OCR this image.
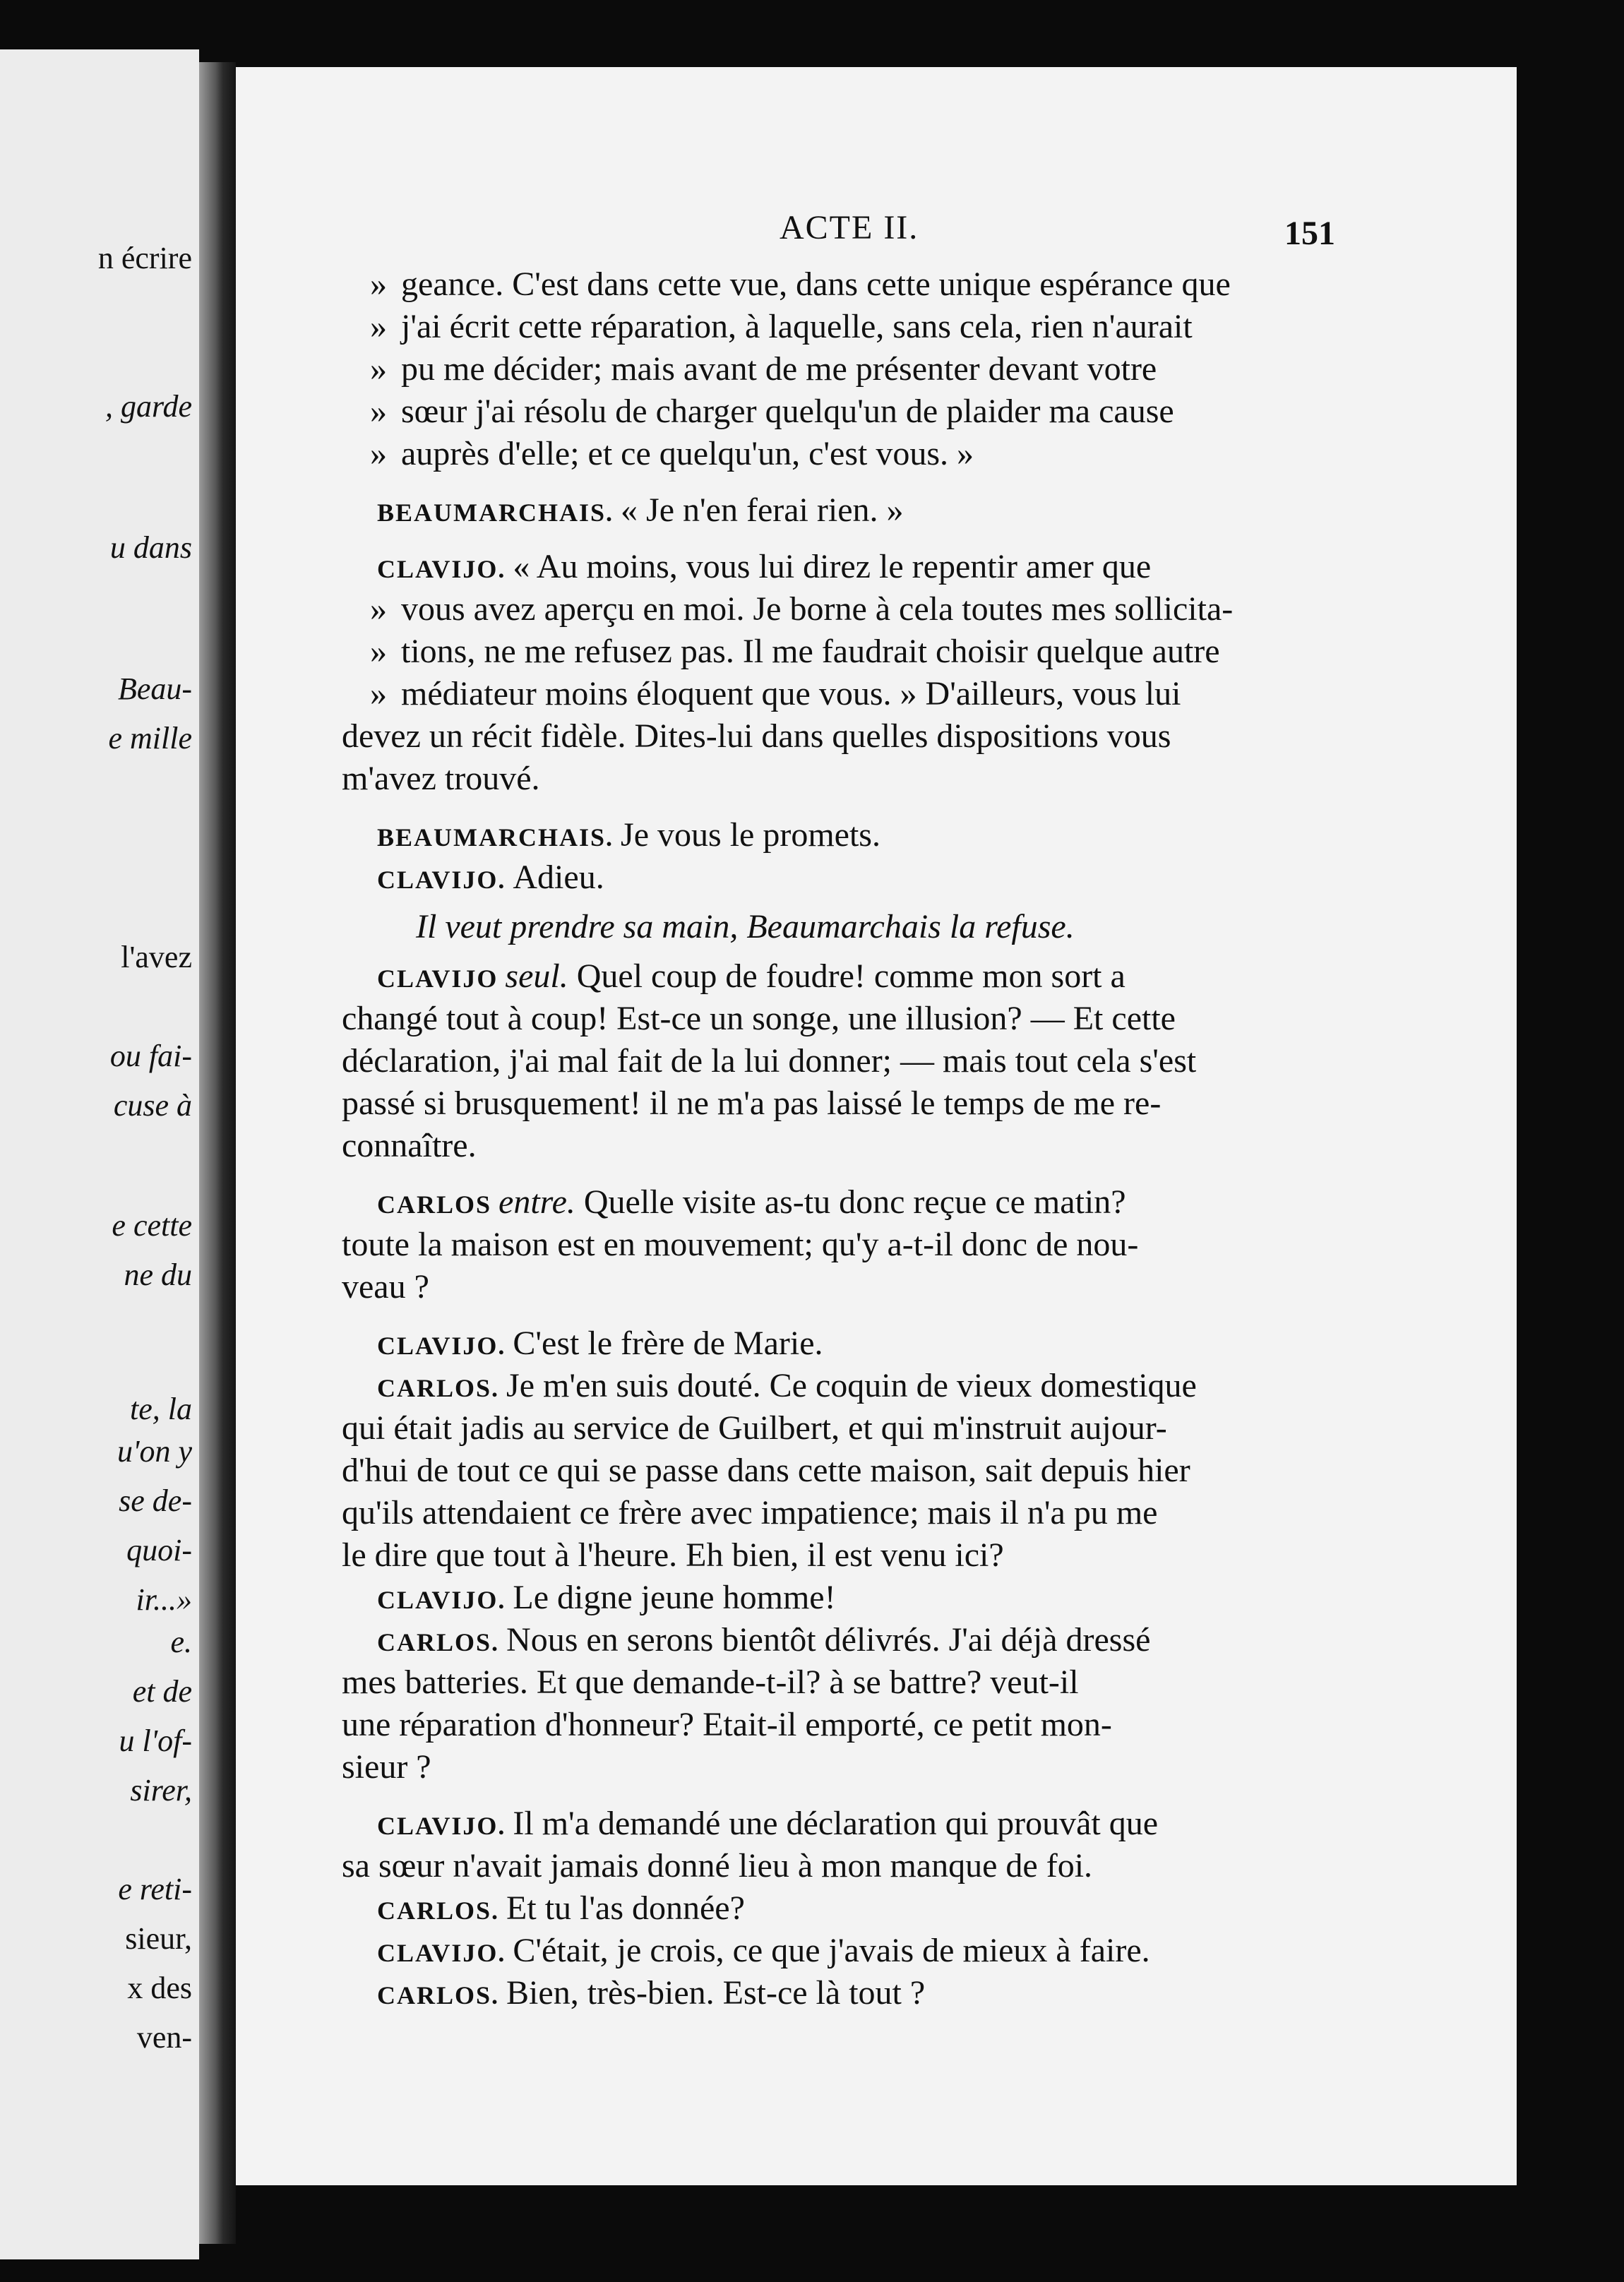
n écrire
, garde
u dans
Beau-
e mille
l'avez
ou fai-
cuse à
e cette
ne du
te, la
u'on y
se de-
quoi-
ir...»
e.
et de
u l'of-
sirer,
e reti-
sieur,
x des
ven-
ACTE II.	151
» geance. C'est dans cette vue, dans cette unique espérance que
» j'ai écrit cette réparation, à laquelle, sans cela, rien n'aurait
» pu me décider; mais avant de me présenter devant votre
» sœur j'ai résolu de charger quelqu'un de plaider ma cause
» auprès d'elle; et ce quelqu'un, c'est vous. »
BEAUMARCHAIS. « Je n'en ferai rien. »
CLAVIJO. « Au moins, vous lui direz le repentir amer que
» vous avez aperçu en moi. Je borne à cela toutes mes sollicita-
» tions, ne me refusez pas. Il me faudrait choisir quelque autre
» médiateur moins éloquent que vous. » D'ailleurs, vous lui
devez un récit fidèle. Dites-lui dans quelles dispositions vous
m'avez trouvé.
BEAUMARCHAIS. Je vous le promets.
CLAVIJO. Adieu.
Il veut prendre sa main, Beaumarchais la refuse.
CLAVIJO seul. Quel coup de foudre! comme mon sort a
changé tout à coup! Est-ce un songe, une illusion? — Et cette
déclaration, j'ai mal fait de la lui donner; — mais tout cela s'est
passé si brusquement! il ne m'a pas laissé le temps de me re-
connaître.
CARLOS entre. Quelle visite as-tu donc reçue ce matin?
toute la maison est en mouvement; qu'y a-t-il donc de nou-
veau ?
CLAVIJO. C'est le frère de Marie.
CARLOS. Je m'en suis douté. Ce coquin de vieux domestique
qui était jadis au service de Guilbert, et qui m'instruit aujour-
d'hui de tout ce qui se passe dans cette maison, sait depuis hier
qu'ils attendaient ce frère avec impatience; mais il n'a pu me
le dire que tout à l'heure. Eh bien, il est venu ici?
CLAVIJO. Le digne jeune homme!
CARLOS. Nous en serons bientôt délivrés. J'ai déjà dressé
mes batteries. Et que demande-t-il? à se battre? veut-il
une réparation d'honneur? Etait-il emporté, ce petit mon-
sieur ?
CLAVIJO. Il m'a demandé une déclaration qui prouvât que
sa sœur n'avait jamais donné lieu à mon manque de foi.
CARLOS. Et tu l'as donnée?
CLAVIJO. C'était, je crois, ce que j'avais de mieux à faire.
CARLOS. Bien, très-bien. Est-ce là tout ?
